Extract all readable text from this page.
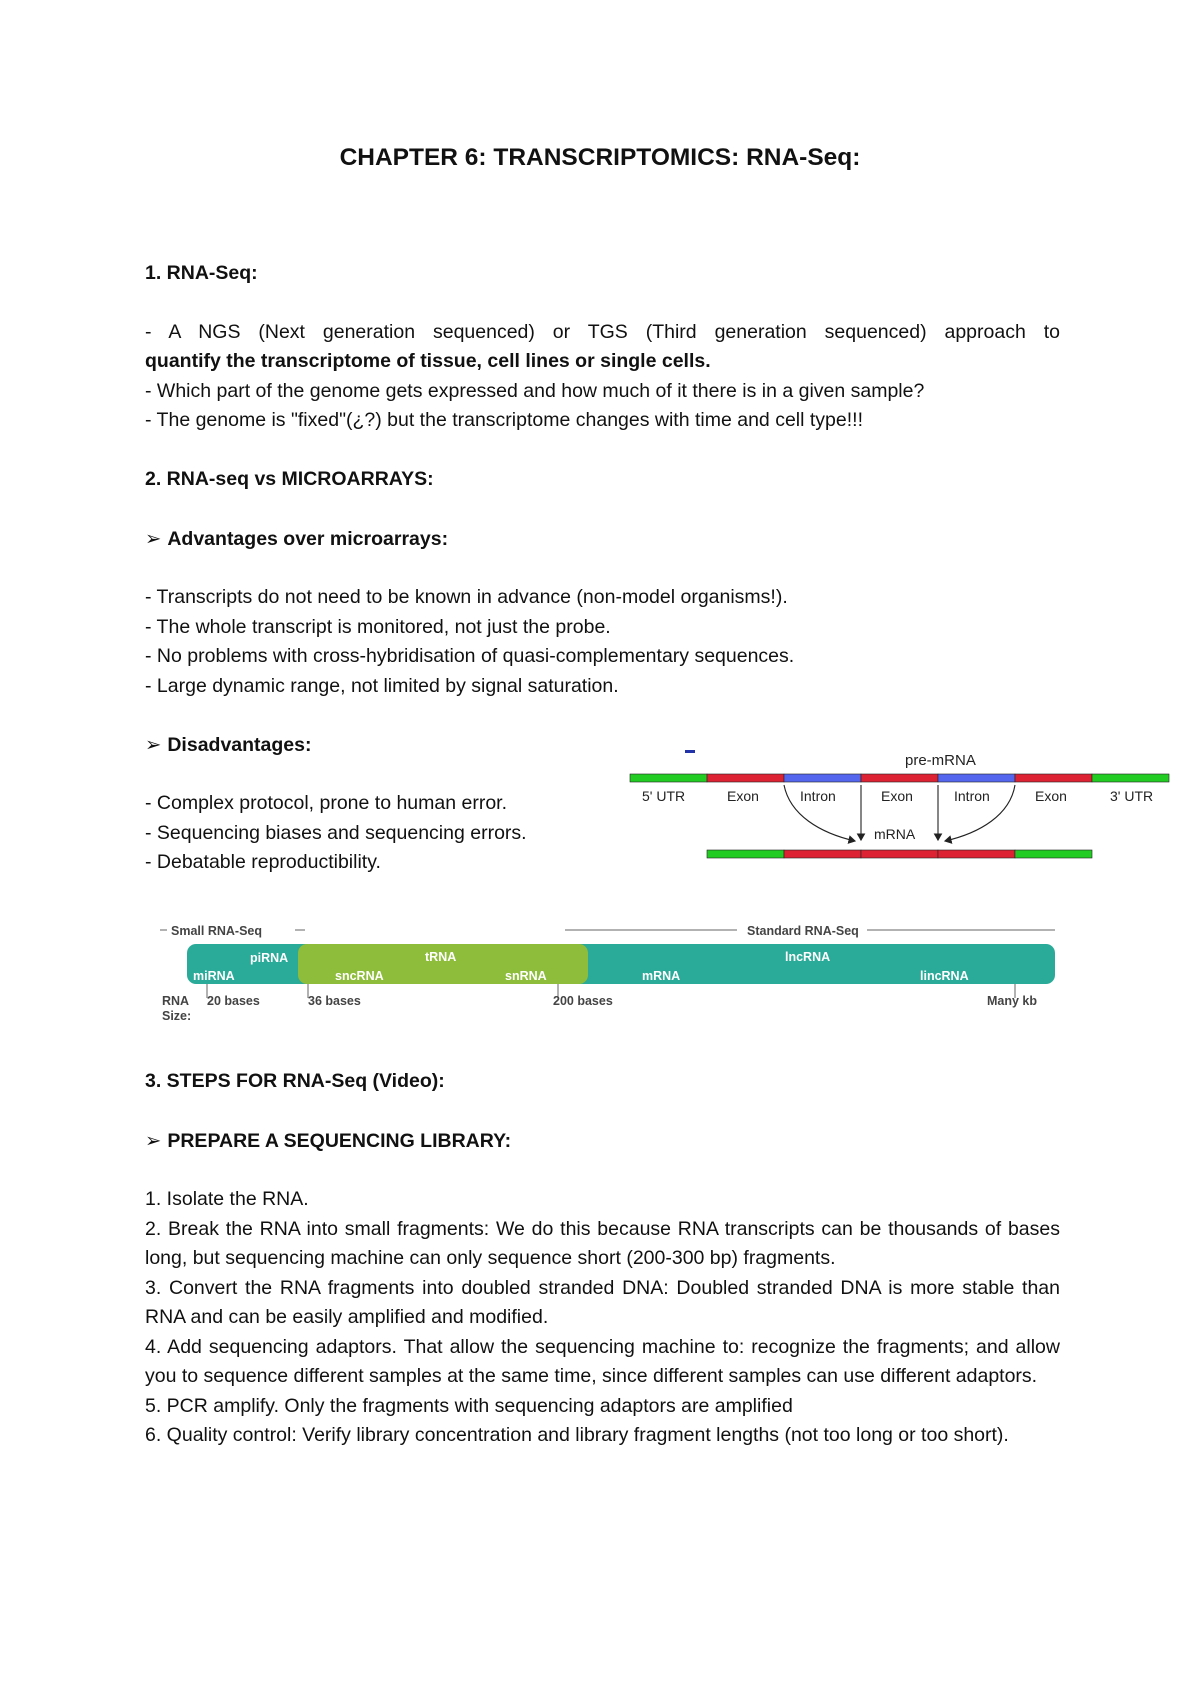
CHAPTER 6: TRANSCRIPTOMICS: RNA-Seq:

1. RNA-Seq:

- A NGS (Next generation sequenced) or TGS (Third generation sequenced) approach to
quantify the transcriptome of tissue, cell lines or single cells.

- Which part of the genome gets expressed and how much of it there is in a given sample?

- The genome is "fixed"(¿?) but the transcriptome changes with time and cell type!!!

2. RNA-seq vs MICROARRAYS:

➢ Advantages over microarrays:

- Transcripts do not need to be known in advance (non-model organisms!).

- The whole transcript is monitored, not just the probe.

- No problems with cross-hybridisation of quasi-complementary sequences.

- Large dynamic range, not limited by signal saturation.

➢ Disadvantages:

- Complex protocol, prone to human error.

- Sequencing biases and sequencing errors.

- Debatable reproductibility.

pre-mRNA
5' UTR	Exon	Intron	Exon	Intron	Exon	3' UTR
mRNA
Small RNA-Seq	Standard RNA-Seq
piRNA	tRNA	lncRNA
miRNA	sncRNA	snRNA	mRNA	lincRNA
RNA
Size:
20 bases	36 bases	200 bases	Many kb

3. STEPS FOR RNA-Seq (Video):

➢ PREPARE A SEQUENCING LIBRARY:

1. Isolate the RNA.

2. Break the RNA into small fragments: We do this because RNA transcripts can be thousands of bases long, but sequencing machine can only sequence short (200-300 bp) fragments.

3. Convert the RNA fragments into doubled stranded DNA: Doubled stranded DNA is more stable than RNA and can be easily amplified and modified.

4. Add sequencing adaptors. That allow the sequencing machine to: recognize the fragments; and allow you to sequence different samples at the same time, since different samples can use different adaptors.

5. PCR amplify. Only the fragments with sequencing adaptors are amplified

6. Quality control: Verify library concentration and library fragment lengths (not too long or too short).
